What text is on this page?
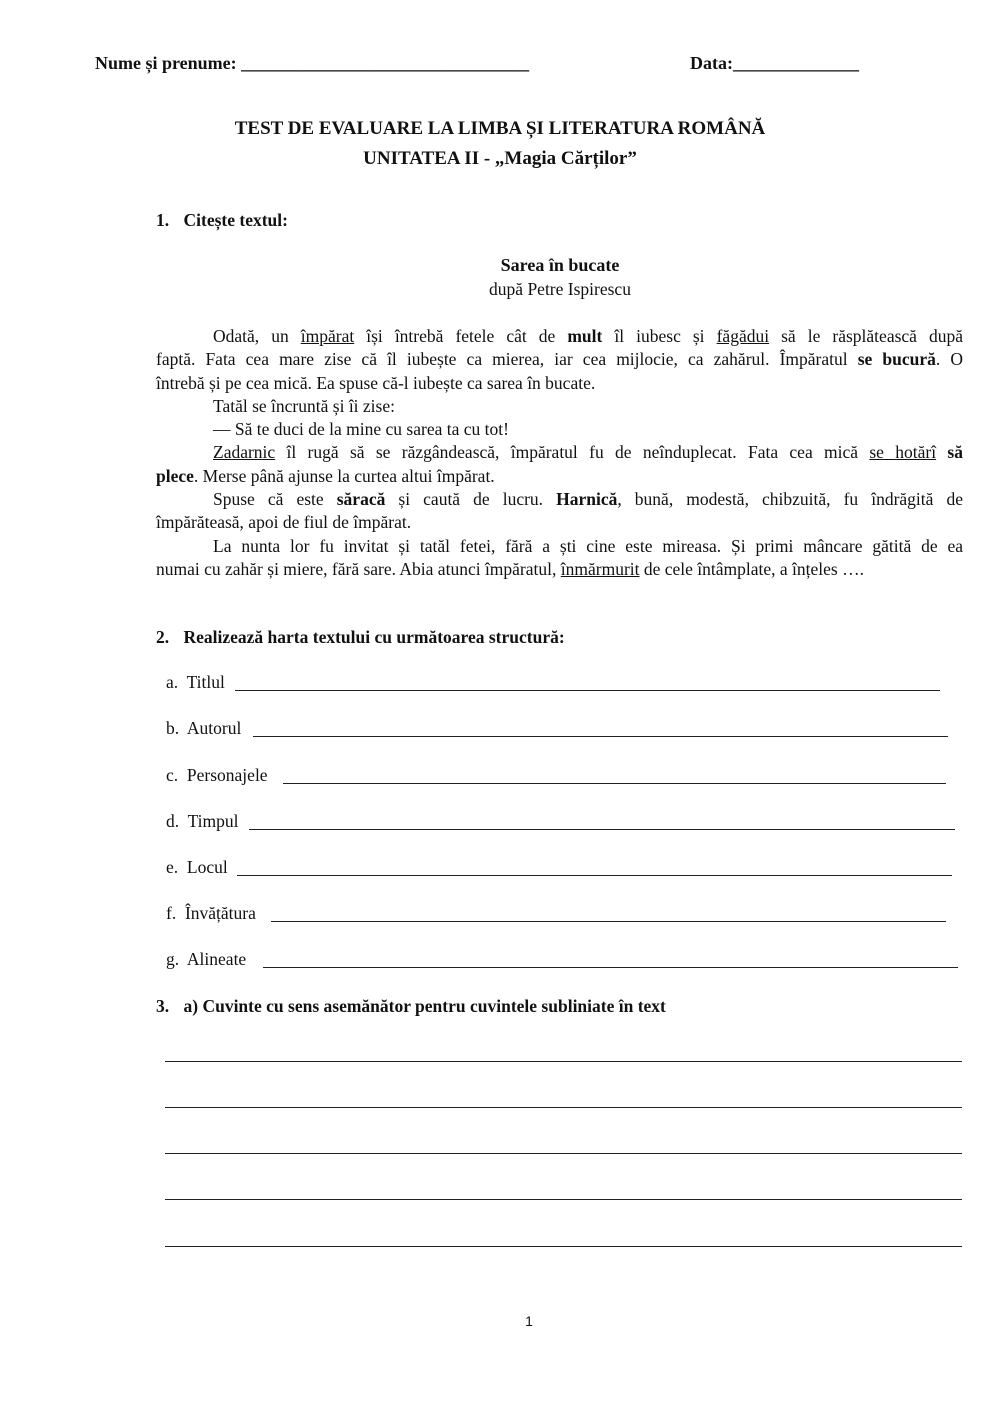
Nume și prenume: ________________________________	Data:______________
TEST DE EVALUARE LA LIMBA ȘI LITERATURA ROMÂNĂ
UNITATEA II - „Magia Cărților”
1. Citește textul:
Sarea în bucate
după Petre Ispirescu
Odată, un împărat își întrebă fetele cât de mult îl iubesc și făgădui să le răsplătească după
faptă. Fata cea mare zise că îl iubește ca mierea, iar cea mijlocie, ca zahărul. Împăratul se bucură. O
întrebă și pe cea mică. Ea spuse că-l iubește ca sarea în bucate.
Tatăl se încruntă și îi zise:
— Să te duci de la mine cu sarea ta cu tot!
Zadarnic îl rugă să se răzgândească, împăratul fu de neînduplecat. Fata cea mică se hotărî să
plece. Merse până ajunse la curtea altui împărat.
Spuse că este săracă și caută de lucru. Harnică, bună, modestă, chibzuită, fu îndrăgită de
împărăteasă, apoi de fiul de împărat.
La nunta lor fu invitat și tatăl fetei, fără a ști cine este mireasa. Și primi mâncare gătită de ea
numai cu zahăr și miere, fără sare. Abia atunci împăratul, înmărmurit de cele întâmplate, a înțeles ….
2. Realizează harta textului cu următoarea structură:
a. Titlul
b. Autorul
c. Personajele
d. Timpul
e. Locul
f. Învățătura
g. Alineate
3. a) Cuvinte cu sens asemănător pentru cuvintele subliniate în text
1
